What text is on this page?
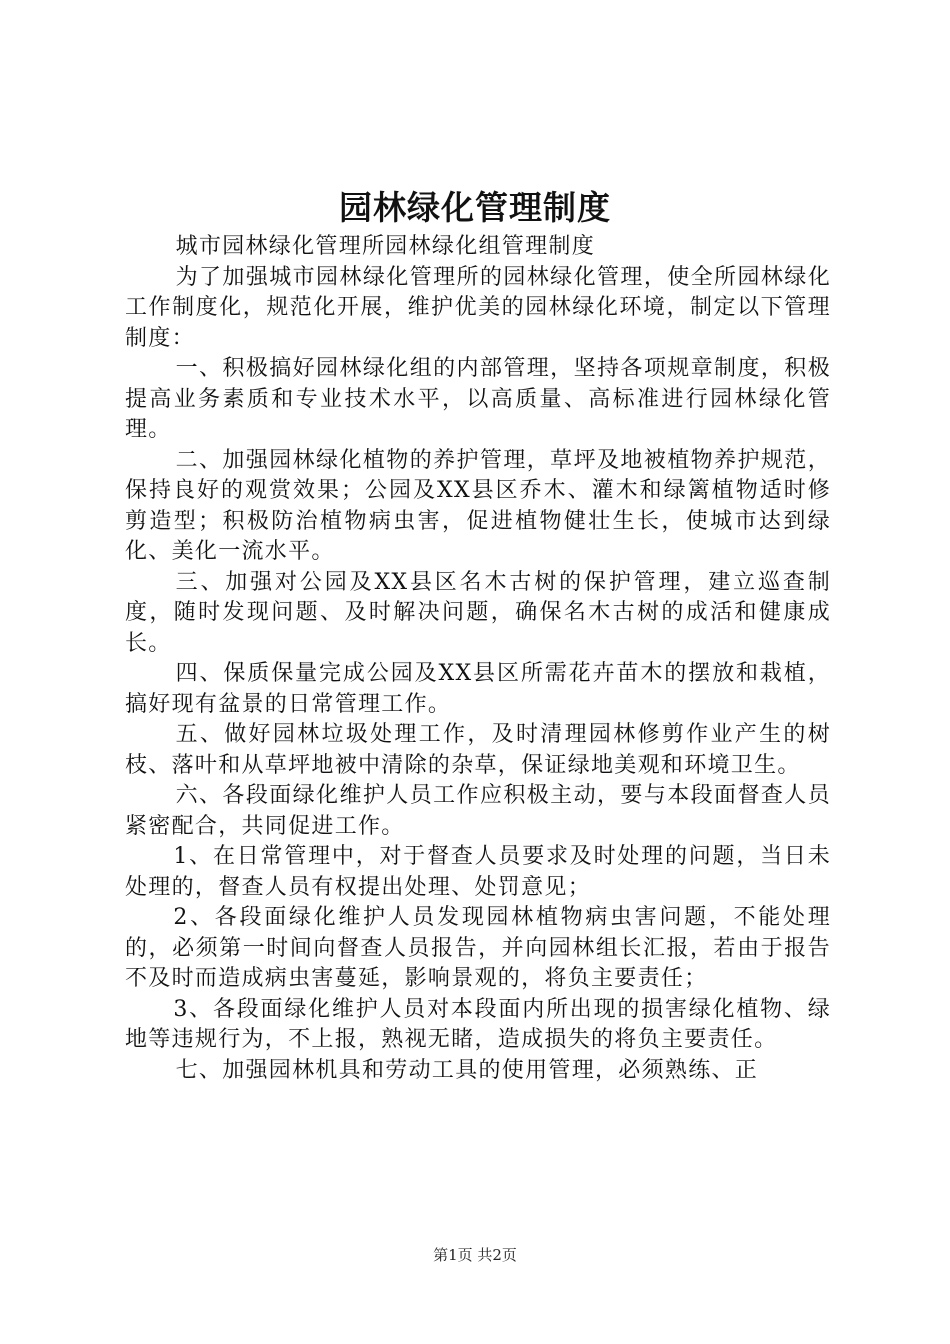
园林绿化管理制度

城市园林绿化管理所园林绿化组管理制度

为了加强城市园林绿化管理所的园林绿化管理，使全所园林绿化工作制度化，规范化开展，维护优美的园林绿化环境，制定以下管理制度：

一、积极搞好园林绿化组的内部管理，坚持各项规章制度，积极提高业务素质和专业技术水平，以高质量、高标准进行园林绿化管理。

二、加强园林绿化植物的养护管理，草坪及地被植物养护规范，保持良好的观赏效果；公园及XX县区乔木、灌木和绿篱植物适时修剪造型；积极防治植物病虫害，促进植物健壮生长，使城市达到绿化、美化一流水平。

三、加强对公园及XX县区名木古树的保护管理，建立巡查制度，随时发现问题、及时解决问题，确保名木古树的成活和健康成长。

四、保质保量完成公园及XX县区所需花卉苗木的摆放和栽植，搞好现有盆景的日常管理工作。

五、做好园林垃圾处理工作，及时清理园林修剪作业产生的树枝、落叶和从草坪地被中清除的杂草，保证绿地美观和环境卫生。

六、各段面绿化维护人员工作应积极主动，要与本段面督查人员紧密配合，共同促进工作。

1、在日常管理中，对于督查人员要求及时处理的问题，当日未处理的，督查人员有权提出处理、处罚意见；

2、各段面绿化维护人员发现园林植物病虫害问题，不能处理的，必须第一时间向督查人员报告，并向园林组长汇报，若由于报告不及时而造成病虫害蔓延，影响景观的，将负主要责任；

3、各段面绿化维护人员对本段面内所出现的损害绿化植物、绿地等违规行为，不上报，熟视无睹，造成损失的将负主要责任。

七、加强园林机具和劳动工具的使用管理，必须熟练、正

第1页 共2页
